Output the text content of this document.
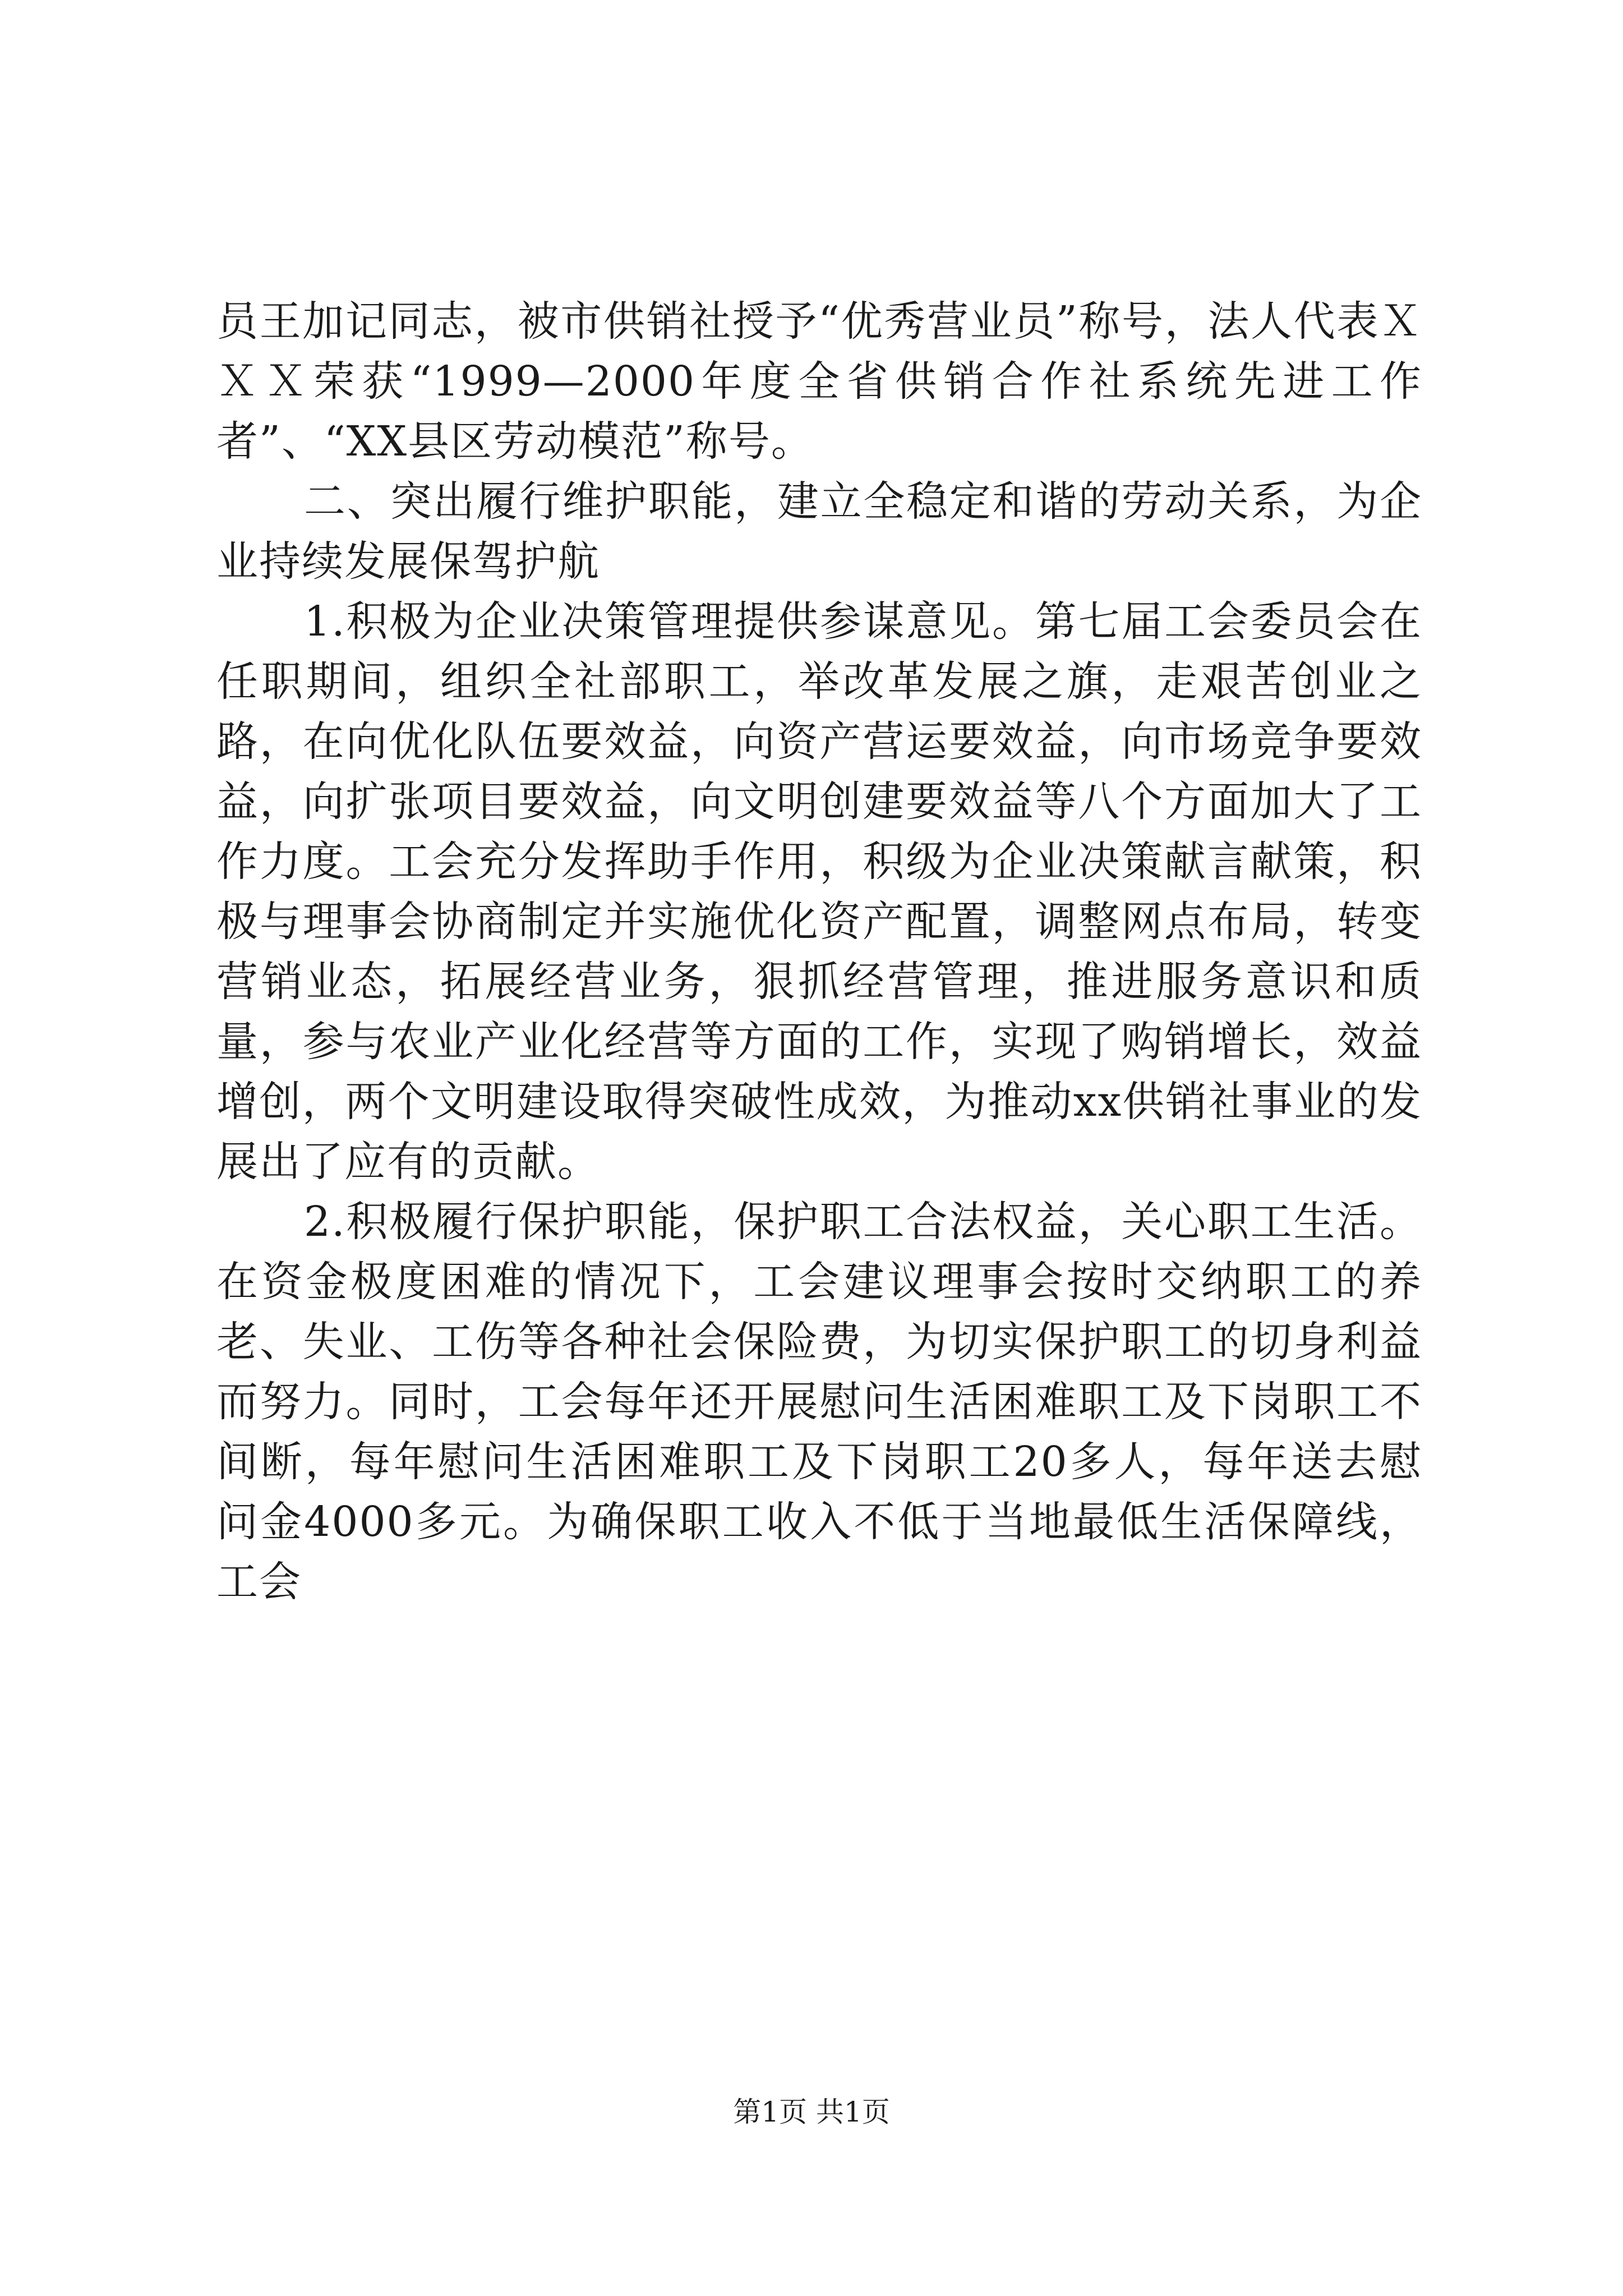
员王加记同志，被市供销社授予“优秀营业员”称号，法人代表ＸＸＸ荣获“1999—2000年度全省供销合作社系统先进工作者”、“XX县区劳动模范”称号。

二、突出履行维护职能，建立全稳定和谐的劳动关系，为企业持续发展保驾护航

1.积极为企业决策管理提供参谋意见。第七届工会委员会在任职期间，组织全社部职工，举改革发展之旗，走艰苦创业之路，在向优化队伍要效益，向资产营运要效益，向市场竞争要效益，向扩张项目要效益，向文明创建要效益等八个方面加大了工作力度。工会充分发挥助手作用，积级为企业决策献言献策，积极与理事会协商制定并实施优化资产配置，调整网点布局，转变营销业态，拓展经营业务，狠抓经营管理，推进服务意识和质量，参与农业产业化经营等方面的工作，实现了购销增长，效益增创，两个文明建设取得突破性成效，为推动xx供销社事业的发展出了应有的贡献。

2.积极履行保护职能，保护职工合法权益，关心职工生活。在资金极度困难的情况下，工会建议理事会按时交纳职工的养老、失业、工伤等各种社会保险费，为切实保护职工的切身利益而努力。同时，工会每年还开展慰问生活困难职工及下岗职工不间断，每年慰问生活困难职工及下岗职工20多人，每年送去慰问金4000多元。为确保职工收入不低于当地最低生活保障线，工会

第1页 共1页
